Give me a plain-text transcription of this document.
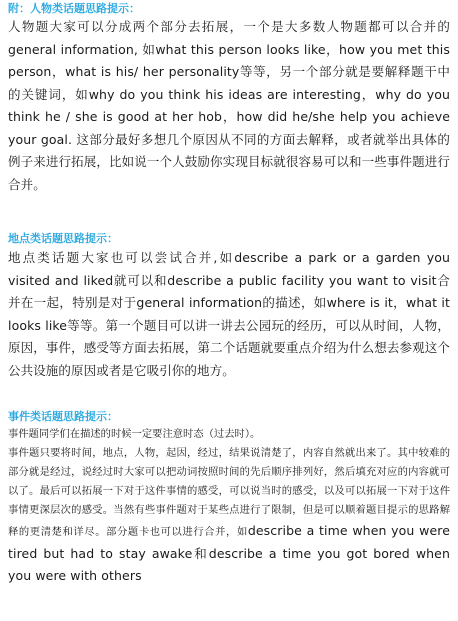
附：人物类话题思路提示：

人物题大家可以分成两个部分去拓展，一个是大多数人物题都可以合并的general information, 如what this person looks like，how you met this person，what is his/ her personality等等，另一个部分就是要解释题干中的关键词，如why do you think his ideas are interesting，why do you think he / she is good at her hob，how did he/she help you achieve your goal. 这部分最好多想几个原因从不同的方面去解释，或者就举出具体的例子来进行拓展，比如说一个人鼓励你实现目标就很容易可以和一些事件题进行合并。

地点类话题思路提示：

地点类话题大家也可以尝试合并,如describe a park or a garden you visited and liked就可以和describe a public facility you want to visit合并在一起，特别是对于general information的描述，如where is it，what it looks like等等。第一个题目可以讲一讲去公园玩的经历，可以从时间，人物，原因，事件，感受等方面去拓展，第二个话题就要重点介绍为什么想去参观这个公共设施的原因或者是它吸引你的地方。

事件类话题思路提示：

事件题同学们在描述的时候一定要注意时态（过去时）。
事件题只要将时间，地点，人物，起因，经过，结果说清楚了，内容自然就出来了。其中较难的部分就是经过，说经过时大家可以把动词按照时间的先后顺序排列好，然后填充对应的内容就可以了。最后可以拓展一下对于这件事情的感受，可以说当时的感受，以及可以拓展一下对于这件事情更深层次的感受。当然有些事件题对于某些点进行了限制，但是可以顺着题目提示的思路解释的更清楚和详尽。部分题卡也可以进行合并，如describe a time when you were tired but had to stay awake和describe a time you got bored when you were with others
